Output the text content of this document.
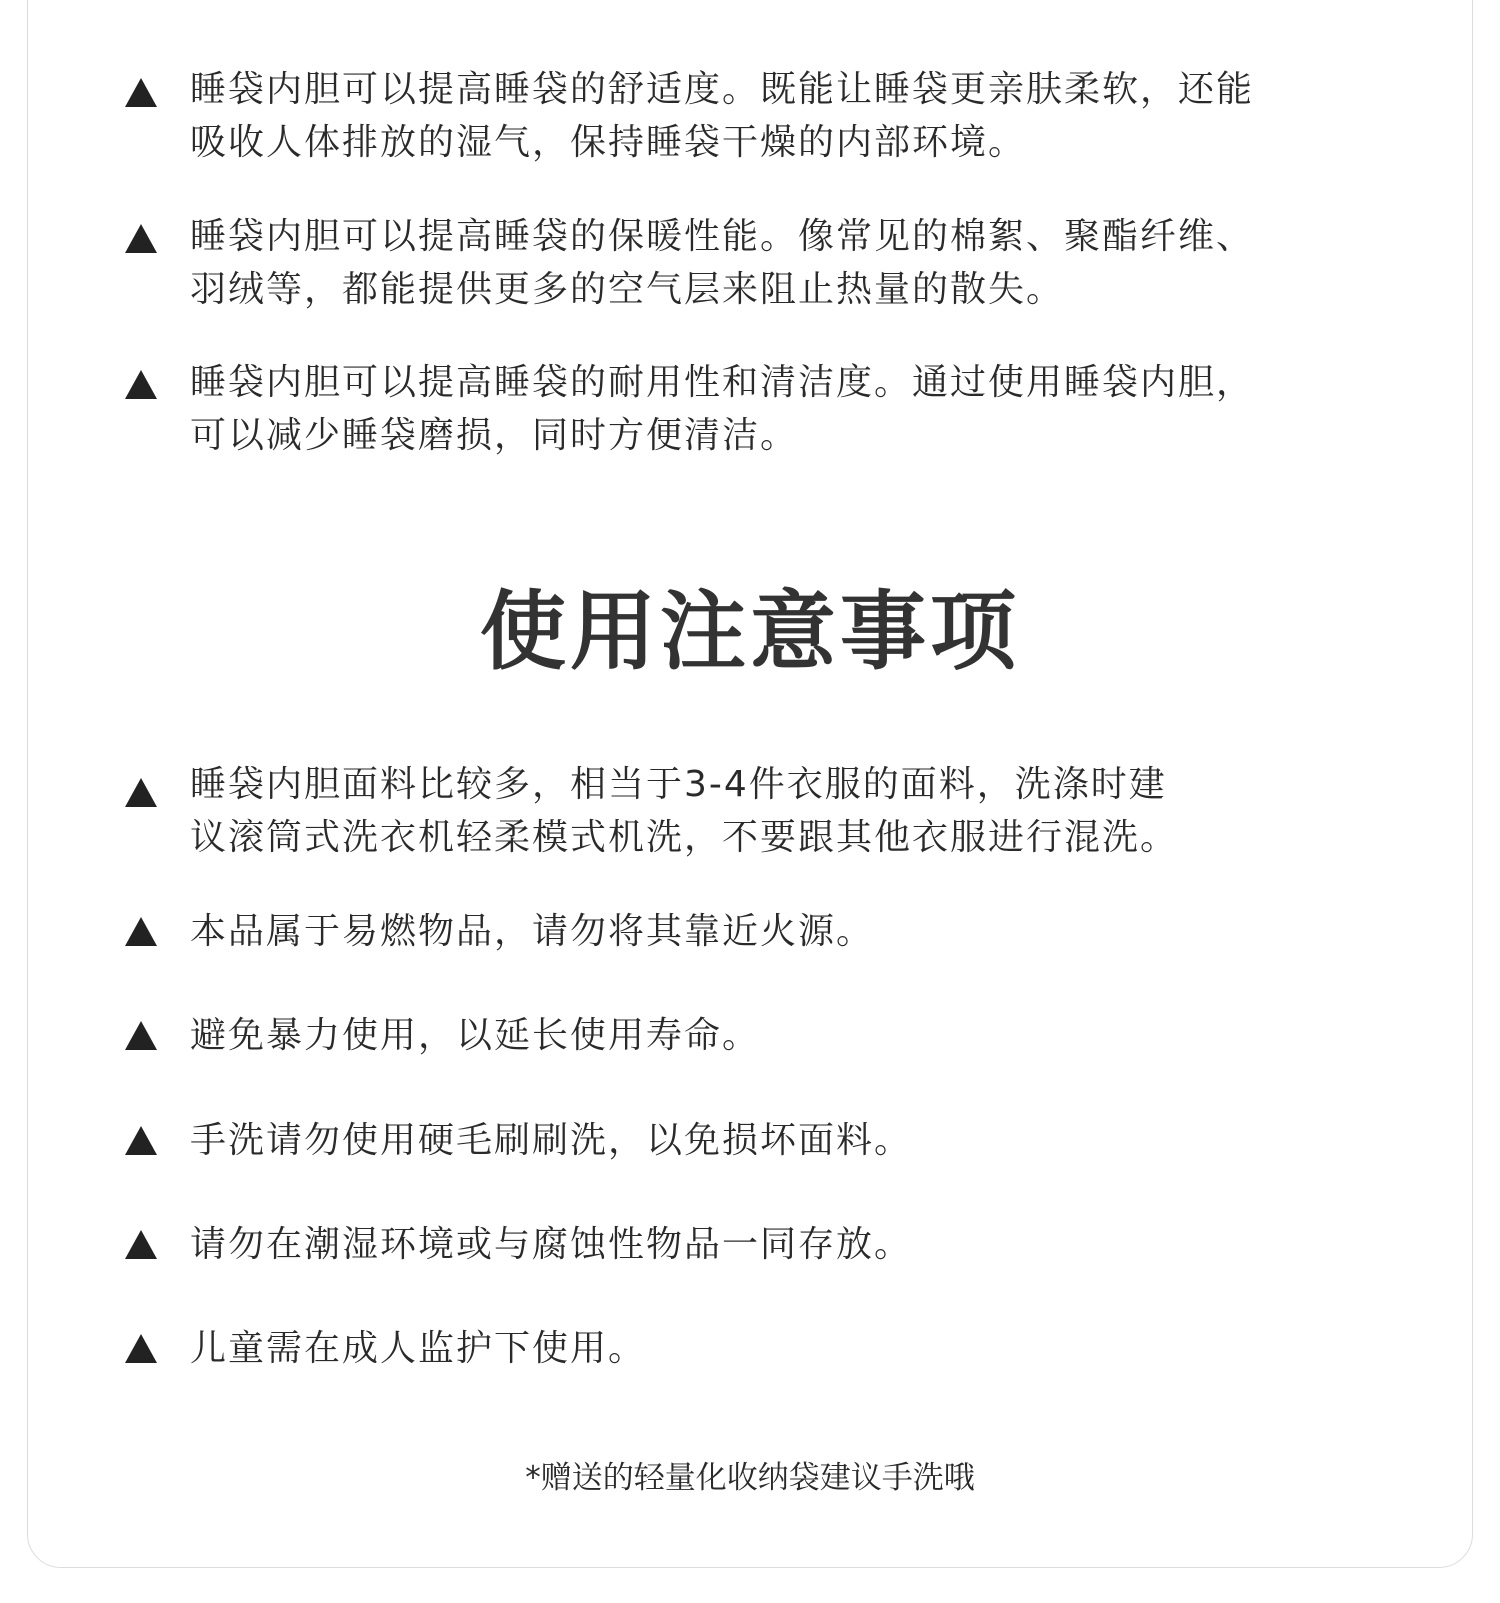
睡袋内胆可以提高睡袋的舒适度。既能让睡袋更亲肤柔软，还能
吸收人体排放的湿气，保持睡袋干燥的内部环境。
睡袋内胆可以提高睡袋的保暖性能。像常见的棉絮、聚酯纤维、
羽绒等，都能提供更多的空气层来阻止热量的散失。
睡袋内胆可以提高睡袋的耐用性和清洁度。通过使用睡袋内胆，
可以减少睡袋磨损，同时方便清洁。
使用注意事项
睡袋内胆面料比较多，相当于3-4件衣服的面料，洗涤时建
议滚筒式洗衣机轻柔模式机洗，不要跟其他衣服进行混洗。
本品属于易燃物品，请勿将其靠近火源。
避免暴力使用，以延长使用寿命。
手洗请勿使用硬毛刷刷洗，以免损坏面料。
请勿在潮湿环境或与腐蚀性物品一同存放。
儿童需在成人监护下使用。
*赠送的轻量化收纳袋建议手洗哦
